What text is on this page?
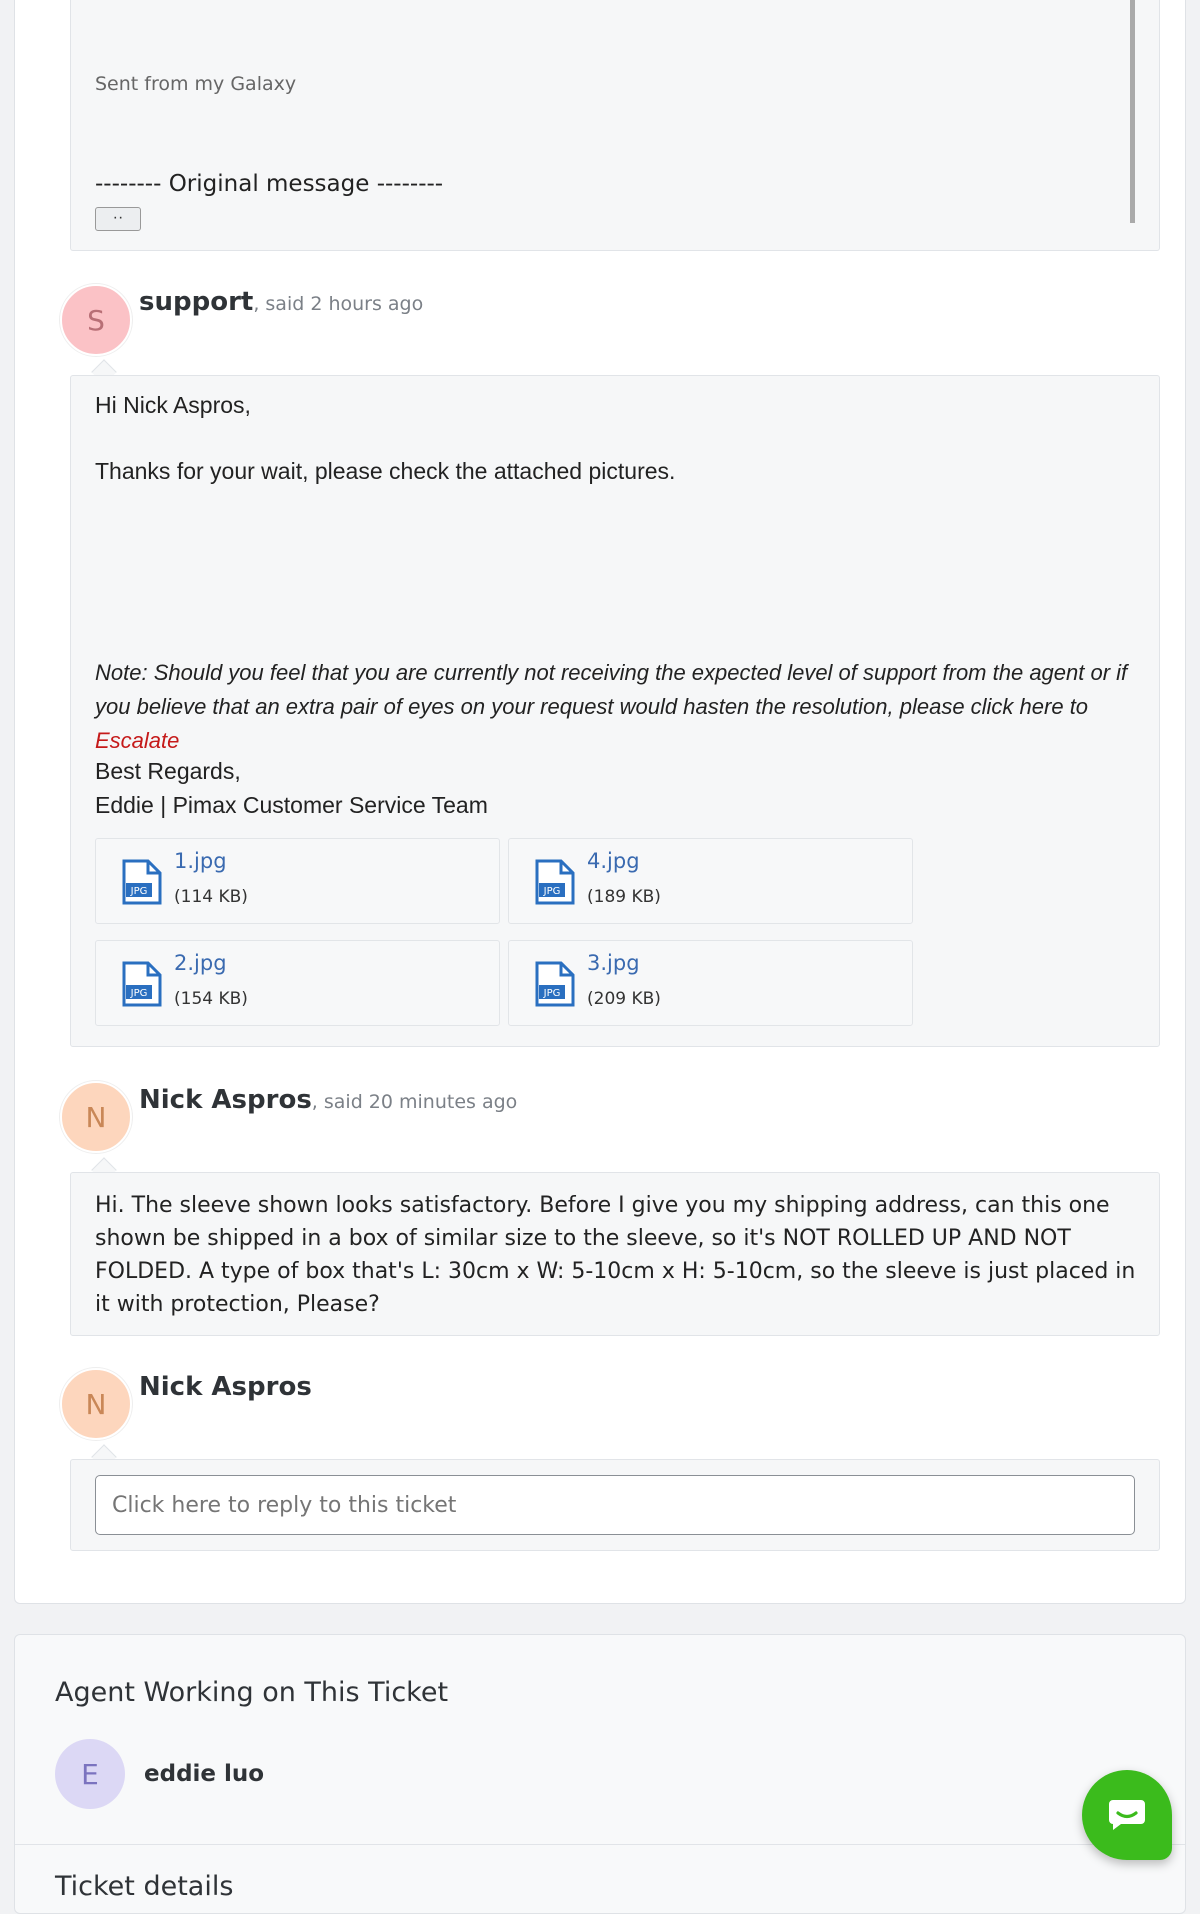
Sent from my Galaxy
-------- Original message --------
··
S
support, said 2 hours ago
Hi Nick Aspros,
Thanks for your wait, please check the attached pictures.
Note: Should you feel that you are currently not receiving the expected level of support from the agent or if you believe that an extra pair of eyes on your request would hasten the resolution, please click here to Escalate
Best Regards,
Eddie | Pimax Customer Service Team
JPG
1.jpg
(114 KB)	JPG
4.jpg
(189 KB)
JPG
2.jpg
(154 KB)	JPG
3.jpg
(209 KB)
N
Nick Aspros, said 20 minutes ago
Hi. The sleeve shown looks satisfactory. Before I give you my shipping address, can this one shown be shipped in a box of similar size to the sleeve, so it's NOT ROLLED UP AND NOT FOLDED. A type of box that's L: 30cm x W: 5-10cm x H: 5-10cm, so the sleeve is just placed in it with protection, Please?
N
Nick Aspros
Click here to reply to this ticket
Agent Working on This Ticket
E eddie luo
Ticket details
